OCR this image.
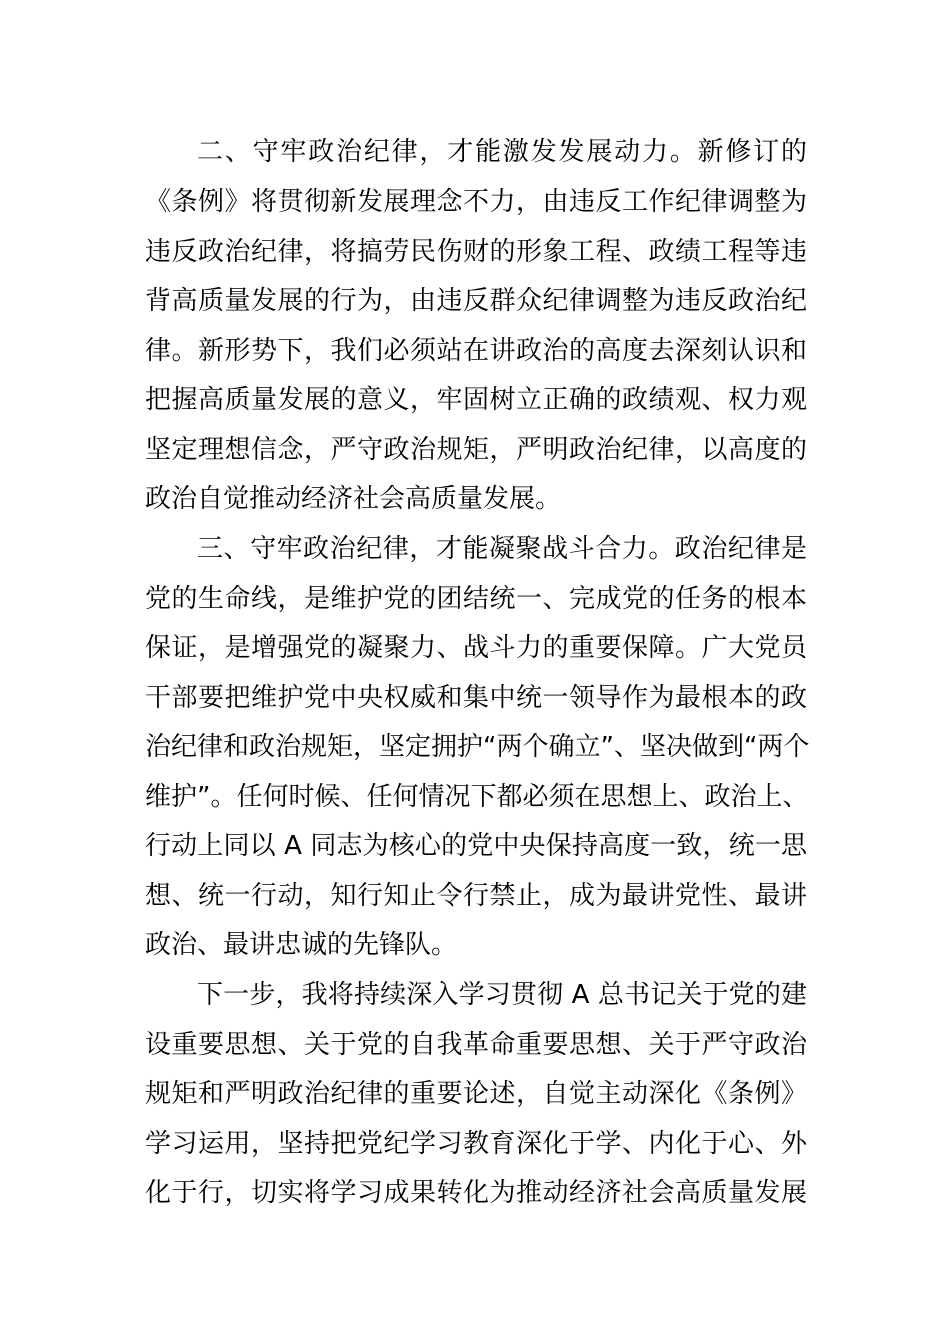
二、守牢政治纪律，才能激发发展动力。新修订的
《条例》将贯彻新发展理念不力，由违反工作纪律调整为
违反政治纪律，将搞劳民伤财的形象工程、政绩工程等违
背高质量发展的行为，由违反群众纪律调整为违反政治纪
律。新形势下，我们必须站在讲政治的高度去深刻认识和
把握高质量发展的意义，牢固树立正确的政绩观、权力观
坚定理想信念，严守政治规矩，严明政治纪律，以高度的
政治自觉推动经济社会高质量发展。
三、守牢政治纪律，才能凝聚战斗合力。政治纪律是
党的生命线，是维护党的团结统一、完成党的任务的根本
保证，是增强党的凝聚力、战斗力的重要保障。广大党员
干部要把维护党中央权威和集中统一领导作为最根本的政
治纪律和政治规矩，坚定拥护“两个确立”、坚决做到“两个
维护”。任何时候、任何情况下都必须在思想上、政治上、
行动上同以 A 同志为核心的党中央保持高度一致，统一思
想、统一行动，知行知止令行禁止，成为最讲党性、最讲
政治、最讲忠诚的先锋队。
下一步，我将持续深入学习贯彻 A 总书记关于党的建
设重要思想、关于党的自我革命重要思想、关于严守政治
规矩和严明政治纪律的重要论述，自觉主动深化《条例》
学习运用，坚持把党纪学习教育深化于学、内化于心、外
化于行，切实将学习成果转化为推动经济社会高质量发展
